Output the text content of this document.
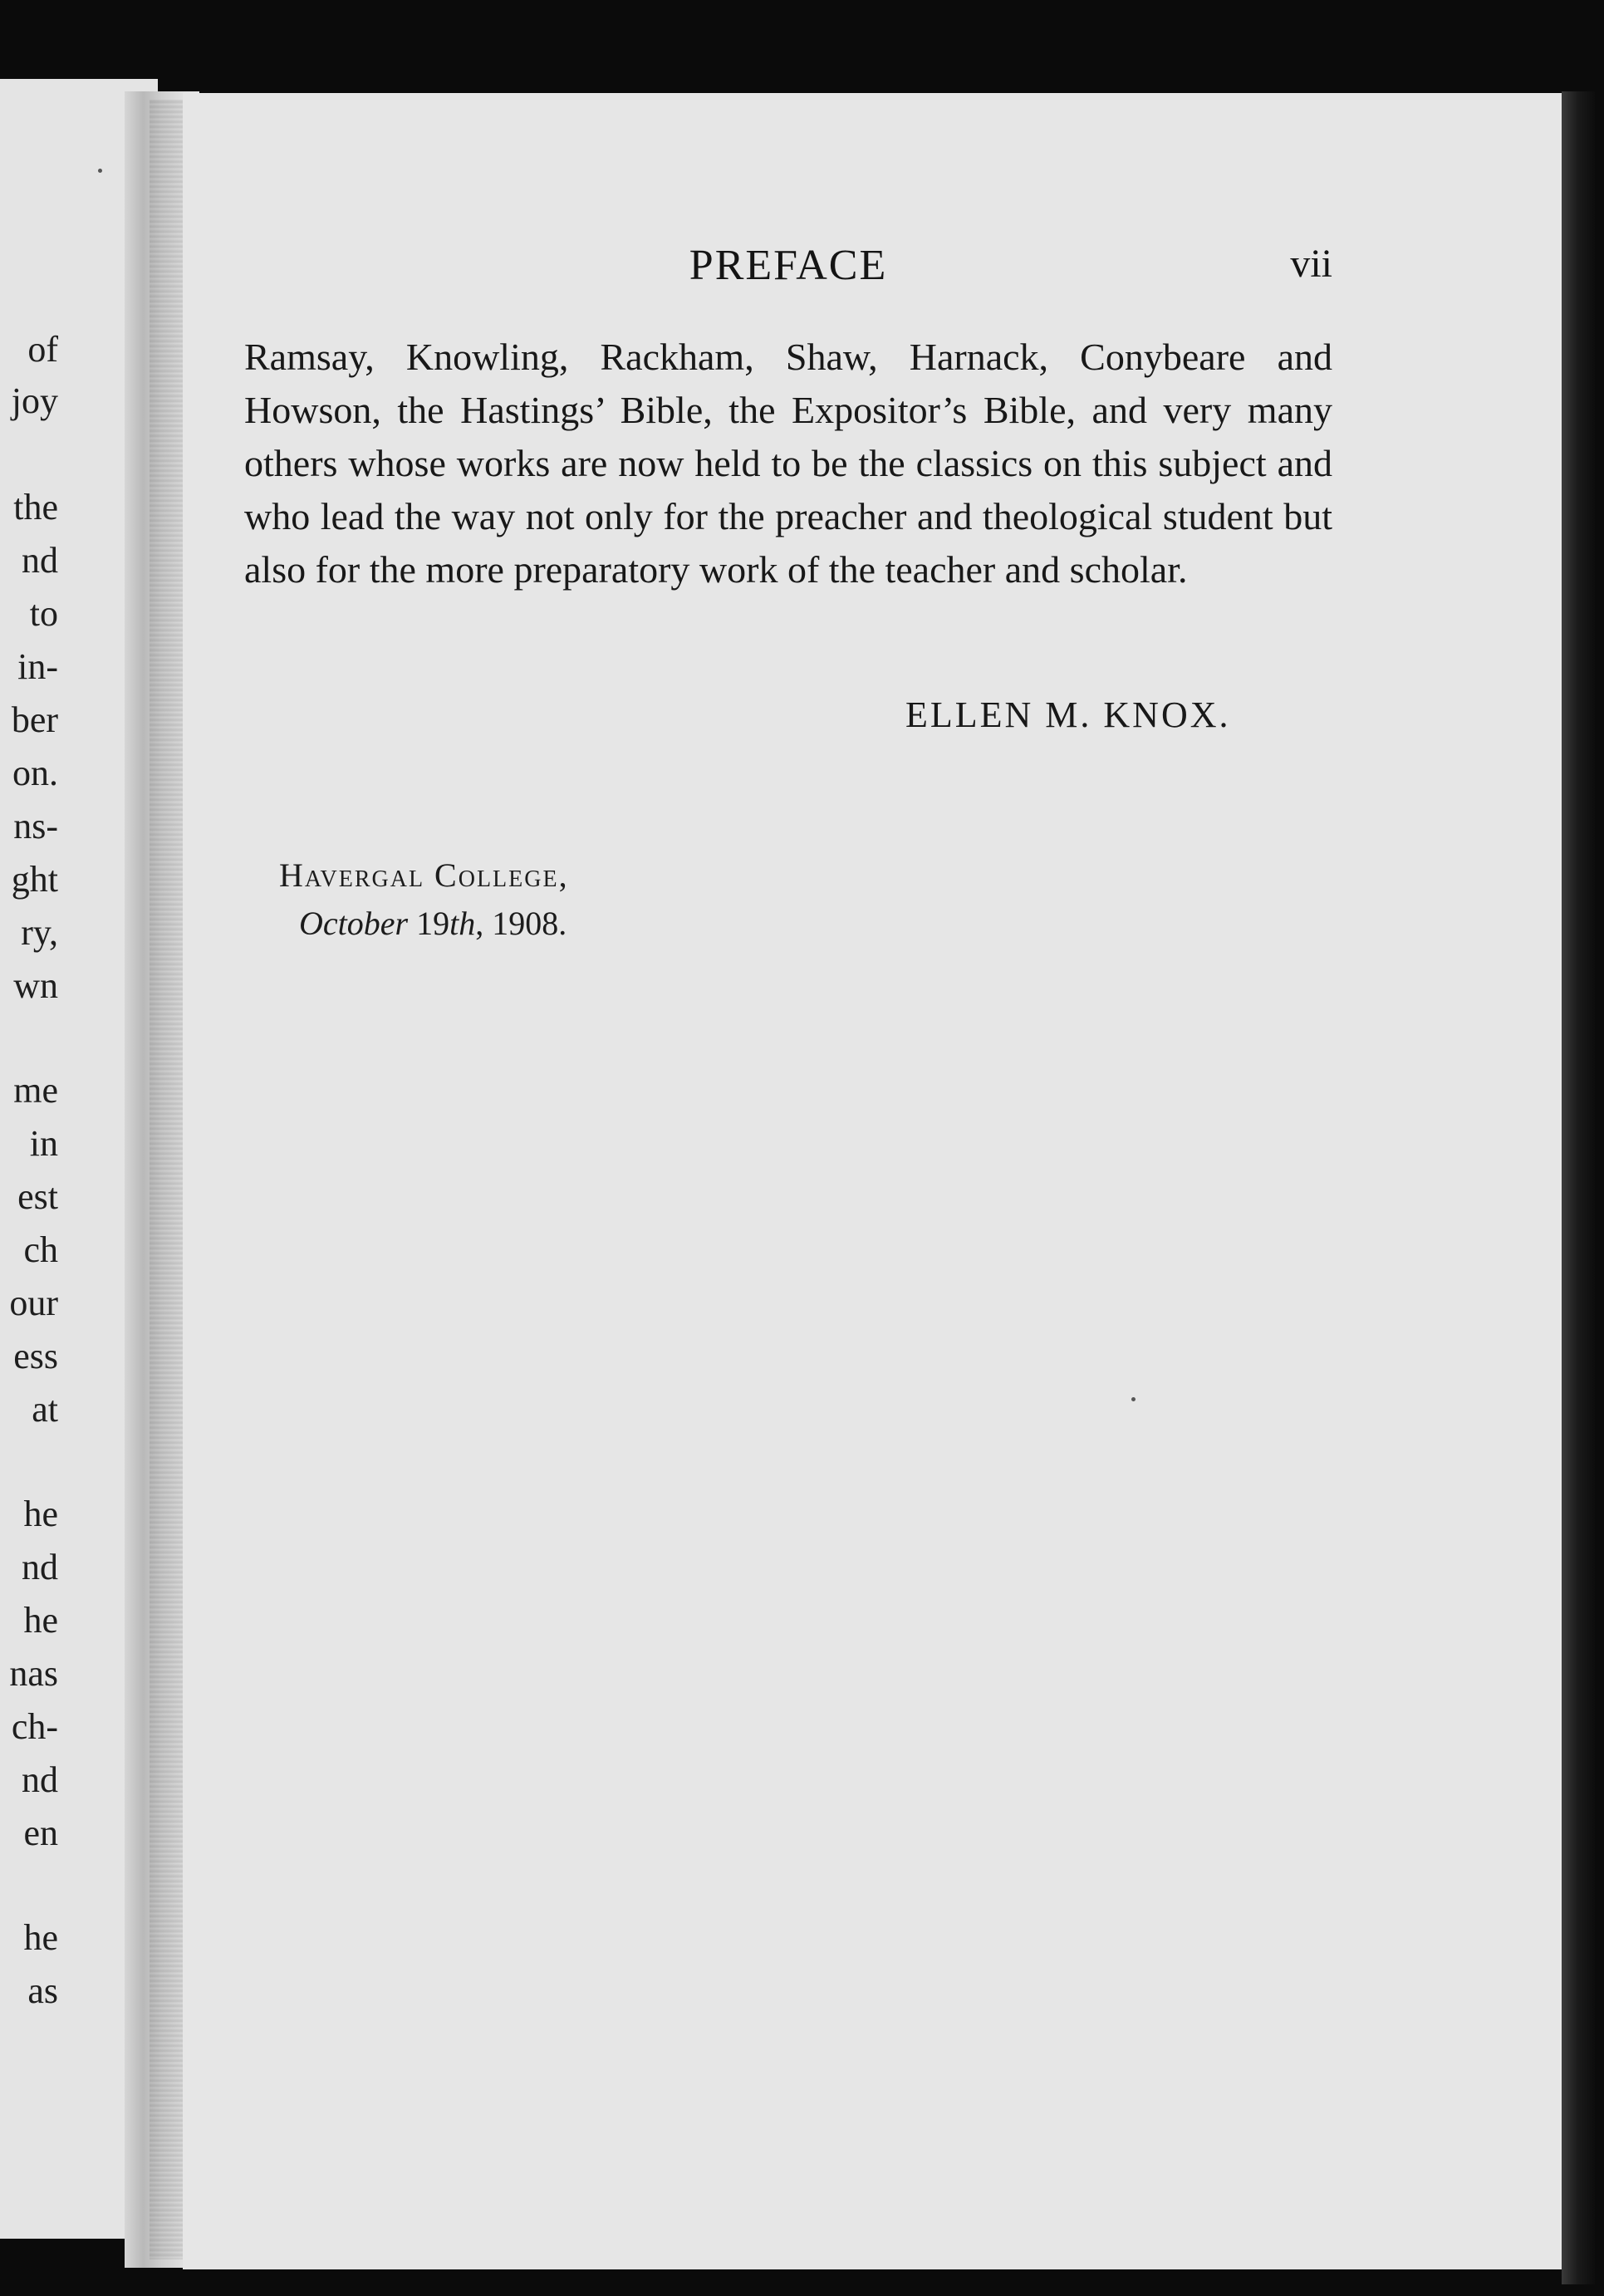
of
joy
the
nd
to
in-
ber
on.
ns-
ght
ry,
wn
me
in
est
ch
our
ess
at
he
nd
he
nas
ch-
nd
en
he
as
PREFACE	vii

Ramsay, Knowling, Rackham, Shaw, Harnack, Conybeare and Howson, the Hastings’ Bible, the Expositor’s Bible, and very many others whose works are now held to be the classics on this subject and who lead the way not only for the preacher and theological student but also for the more preparatory work of the teacher and scholar.

ELLEN M. KNOX.
Havergal College,
October 19th, 1908.
